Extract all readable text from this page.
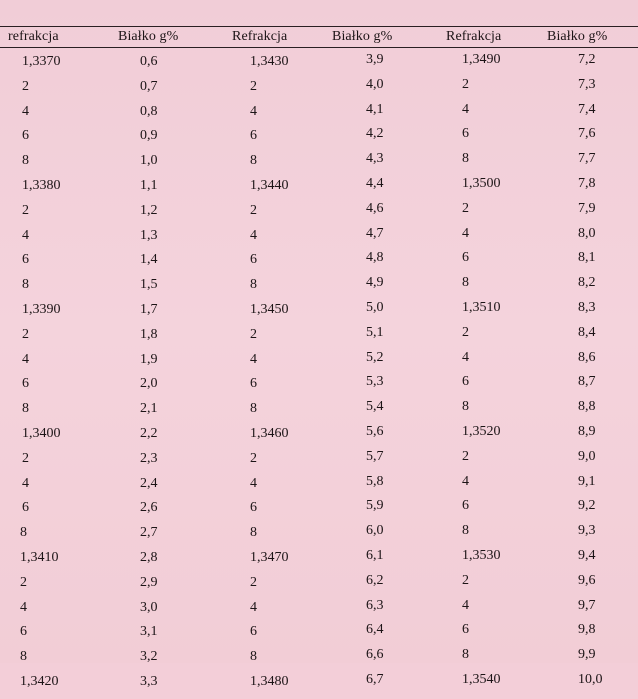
refrakcja	Białko g%	Refrakcja	Białko g%	Refrakcja	Białko g%
1,3370	0,6	1,3430	3,9	1,3490	7,2
2	0,7	2	4,0	2	7,3
4	0,8	4	4,1	4	7,4
6	0,9	6	4,2	6	7,6
8	1,0	8	4,3	8	7,7
1,3380	1,1	1,3440	4,4	1,3500	7,8
2	1,2	2	4,6	2	7,9
4	1,3	4	4,7	4	8,0
6	1,4	6	4,8	6	8,1
8	1,5	8	4,9	8	8,2
1,3390	1,7	1,3450	5,0	1,3510	8,3
2	1,8	2	5,1	2	8,4
4	1,9	4	5,2	4	8,6
6	2,0	6	5,3	6	8,7
8	2,1	8	5,4	8	8,8
1,3400	2,2	1,3460	5,6	1,3520	8,9
2	2,3	2	5,7	2	9,0
4	2,4	4	5,8	4	9,1
6	2,6	6	5,9	6	9,2
8	2,7	8	6,0	8	9,3
1,3410	2,8	1,3470	6,1	1,3530	9,4
2	2,9	2	6,2	2	9,6
4	3,0	4	6,3	4	9,7
6	3,1	6	6,4	6	9,8
8	3,2	8	6,6	8	9,9
1,3420	3,3	1,3480	6,7	1,3540	10,0
